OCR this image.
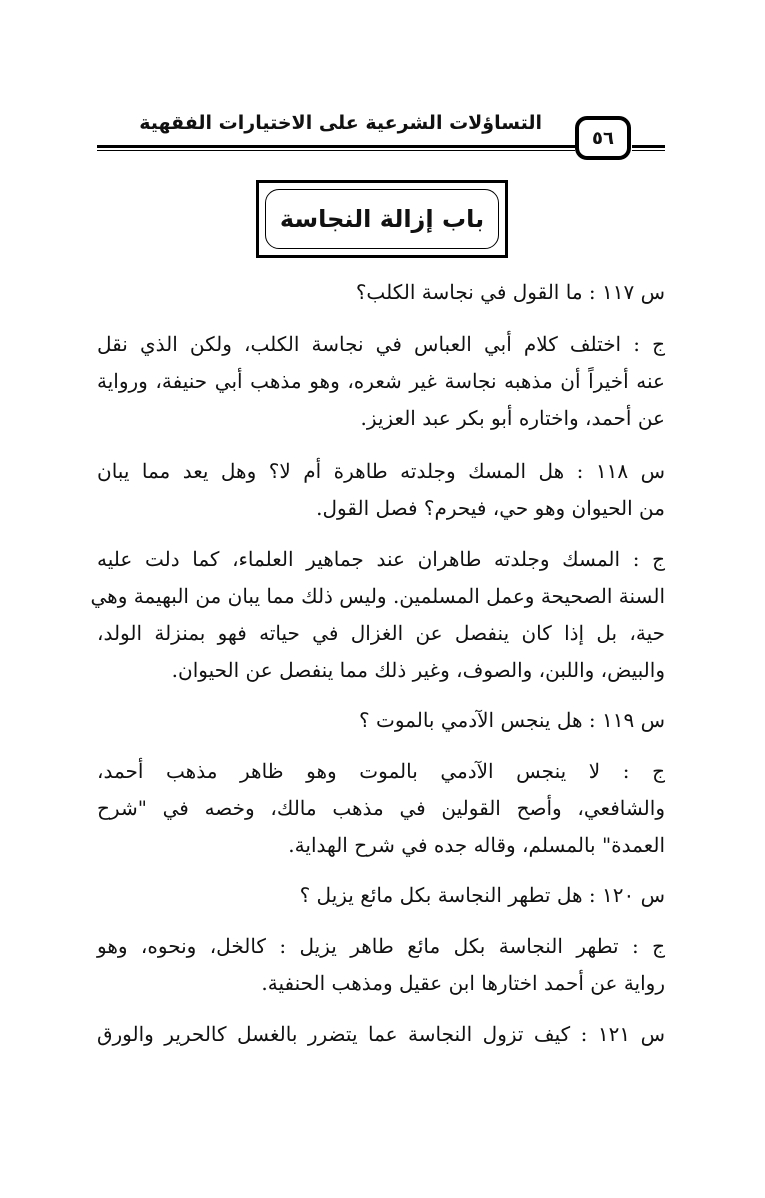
التساؤلات الشرعية على الاختيارات الفقهية
٥٦
باب إزالة النجاسة
س ١١٧ : ما القول في نجاسة الكلب؟
ج : اختلف كلام أبي العباس في نجاسة الكلب، ولكن الذي نقل
عنه أخيراً أن مذهبه نجاسة غير شعره، وهو مذهب أبي حنيفة، ورواية
عن أحمد، واختاره أبو بكر عبد العزيز.
س ١١٨ : هل المسك وجلدته طاهرة أم لا؟ وهل يعد مما يبان
من الحيوان وهو حي، فيحرم؟ فصل القول.
ج : المسك وجلدته طاهران عند جماهير العلماء، كما دلت عليه
السنة الصحيحة وعمل المسلمين. وليس ذلك مما يبان من البهيمة وهي
حية، بل إذا كان ينفصل عن الغزال في حياته فهو بمنزلة الولد،
والبيض، واللبن، والصوف، وغير ذلك مما ينفصل عن الحيوان.
س ١١٩ : هل ينجس الآدمي بالموت ؟
ج : لا ينجس الآدمي بالموت وهو ظاهر مذهب أحمد،
والشافعي، وأصح القولين في مذهب مالك، وخصه في "شرح
العمدة" بالمسلم، وقاله جده في شرح الهداية.
س ١٢٠ : هل تطهر النجاسة بكل مائع يزيل ؟
ج : تطهر النجاسة بكل مائع طاهر يزيل : كالخل، ونحوه، وهو
رواية عن أحمد اختارها ابن عقيل ومذهب الحنفية.
س ١٢١ : كيف تزول النجاسة عما يتضرر بالغسل كالحرير والورق
